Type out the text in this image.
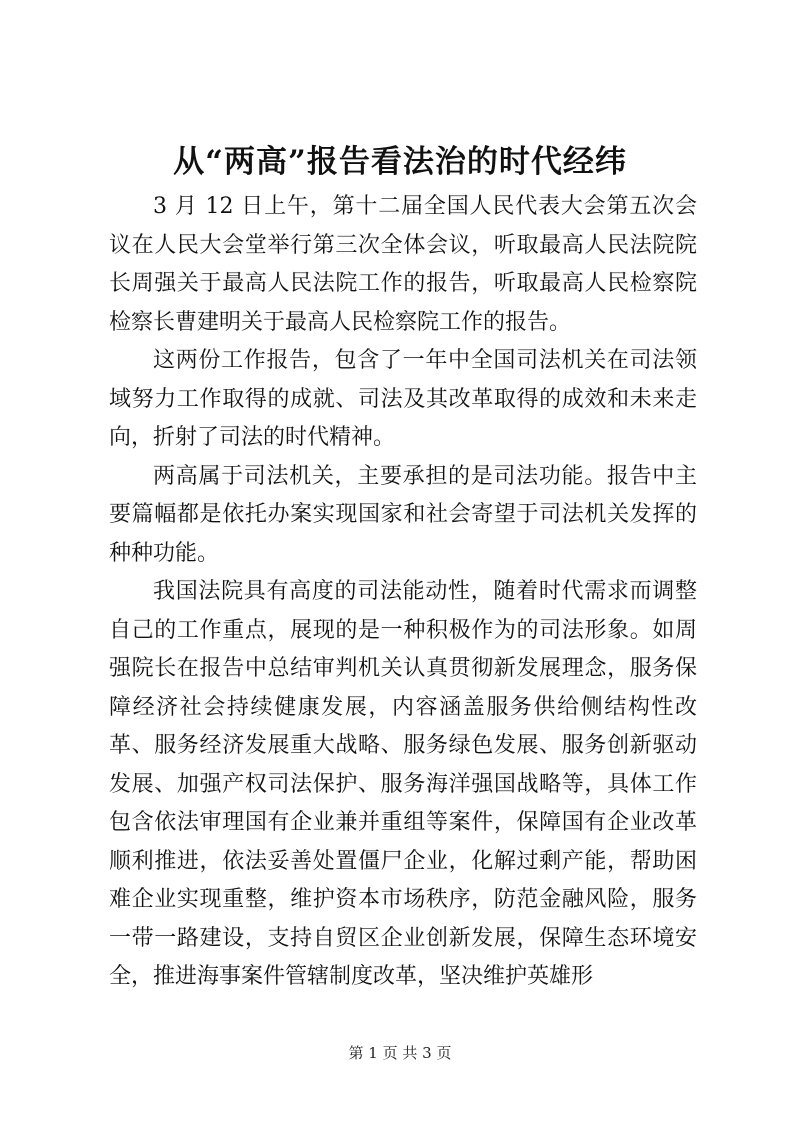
从“两高”报告看法治的时代经纬

3 月 12 日上午，第十二届全国人民代表大会第五次会议在人民大会堂举行第三次全体会议，听取最高人民法院院长周强关于最高人民法院工作的报告，听取最高人民检察院检察长曹建明关于最高人民检察院工作的报告。

这两份工作报告，包含了一年中全国司法机关在司法领域努力工作取得的成就、司法及其改革取得的成效和未来走向，折射了司法的时代精神。

两高属于司法机关，主要承担的是司法功能。报告中主要篇幅都是依托办案实现国家和社会寄望于司法机关发挥的种种功能。

我国法院具有高度的司法能动性，随着时代需求而调整自己的工作重点，展现的是一种积极作为的司法形象。如周强院长在报告中总结审判机关认真贯彻新发展理念，服务保障经济社会持续健康发展，内容涵盖服务供给侧结构性改革、服务经济发展重大战略、服务绿色发展、服务创新驱动发展、加强产权司法保护、服务海洋强国战略等，具体工作包含依法审理国有企业兼并重组等案件，保障国有企业改革顺利推进，依法妥善处置僵尸企业，化解过剩产能，帮助困难企业实现重整，维护资本市场秩序，防范金融风险，服务一带一路建设，支持自贸区企业创新发展，保障生态环境安全，推进海事案件管辖制度改革，坚决维护英雄形

第 1 页 共 3 页
